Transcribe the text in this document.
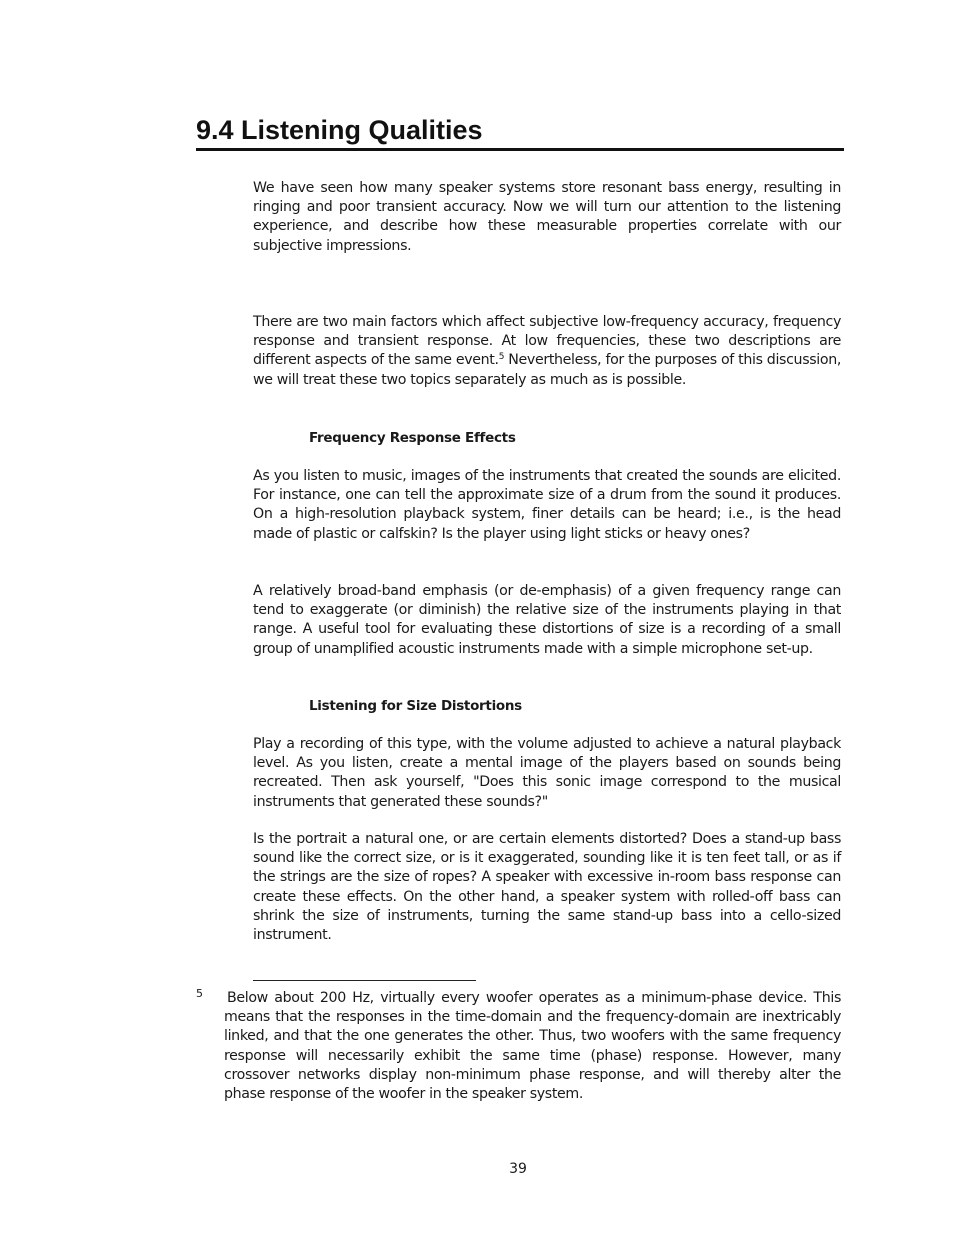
9.4 Listening Qualities

We have seen how many speaker systems store resonant bass energy, resulting in ringing and poor transient accuracy. Now we will turn our attention to the listening experience, and describe how these measurable properties correlate with our subjective impressions.

There are two main factors which affect subjective low-frequency accuracy, frequency response and transient response. At low frequencies, these two descriptions are different aspects of the same event.$^5$ Nevertheless, for the purposes of this discussion, we will treat these two topics separately as much as is possible.

Frequency Response Effects

As you listen to music, images of the instruments that created the sounds are elicited. For instance, one can tell the approximate size of a drum from the sound it produces. On a high-resolution playback system, finer details can be heard; i.e., is the head made of plastic or calfskin? Is the player using light sticks or heavy ones?

A relatively broad-band emphasis (or de-emphasis) of a given frequency range can tend to exaggerate (or diminish) the relative size of the instruments playing in that range. A useful tool for evaluating these distortions of size is a recording of a small group of unamplified acoustic instruments made with a simple microphone set-up.

Listening for Size Distortions

Play a recording of this type, with the volume adjusted to achieve a natural playback level. As you listen, create a mental image of the players based on sounds being recreated. Then ask yourself, "Does this sonic image correspond to the musical instruments that generated these sounds?"

Is the portrait a natural one, or are certain elements distorted? Does a stand-up bass sound like the correct size, or is it exaggerated, sounding like it is ten feet tall, or as if the strings are the size of ropes? A speaker with excessive in-room bass response can create these effects. On the other hand, a speaker system with rolled-off bass can shrink the size of instruments, turning the same stand-up bass into a cello-sized instrument.

5 Below about 200 Hz, virtually every woofer operates as a minimum-phase device. This means that the responses in the time-domain and the frequency-domain are inextricably linked, and that the one generates the other. Thus, two woofers with the same frequency response will necessarily exhibit the same time (phase) response. However, many crossover networks display non-minimum phase response, and will thereby alter the phase response of the woofer in the speaker system.

39
